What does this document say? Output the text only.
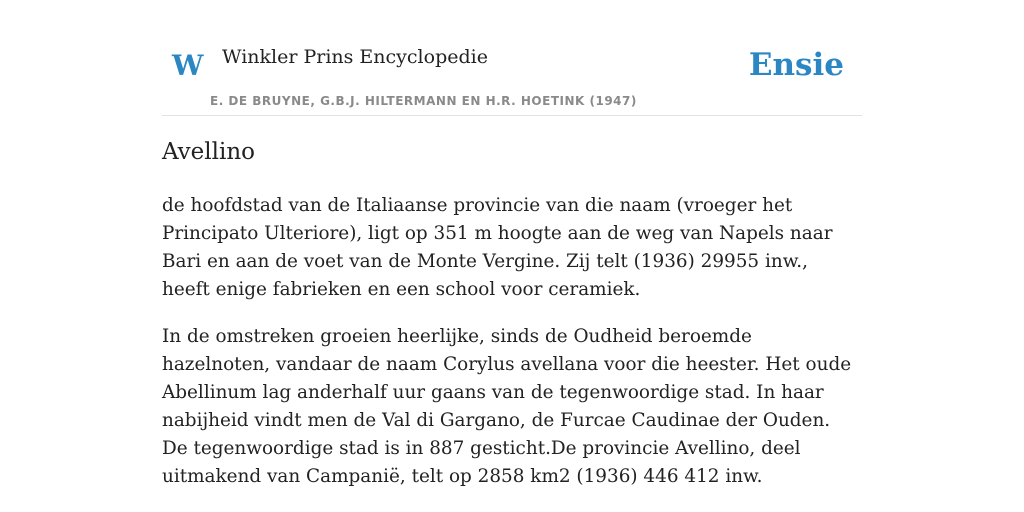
W Winkler Prins Encyclopedie
E. DE BRUYNE, G.B.J. HILTERMANN EN H.R. HOETINK (1947)
Ensie
Avellino

de hoofdstad van de Italiaanse provincie van die naam (vroeger het Principato Ulteriore), ligt op 351 m hoogte aan de weg van Napels naar Bari en aan de voet van de Monte Vergine. Zij telt (1936) 29955 inw., heeft enige fabrieken en een school voor ceramiek.

In de omstreken groeien heerlijke, sinds de Oudheid beroemde hazelnoten, vandaar de naam Corylus avellana voor die heester. Het oude Abellinum lag anderhalf uur gaans van de tegenwoordige stad. In haar nabijheid vindt men de Val di Gargano, de Furcae Caudinae der Ouden. De tegenwoordige stad is in 887 gesticht.De provincie Avellino, deel uitmakend van Campanië, telt op 2858 km2 (1936) 446 412 inw.
